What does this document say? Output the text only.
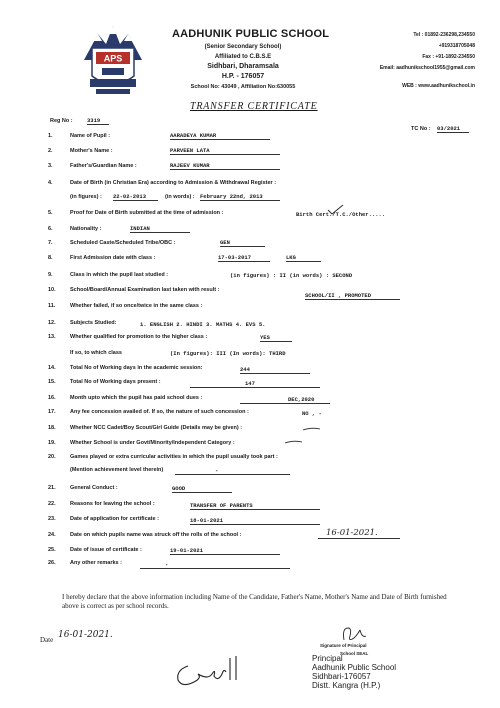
APS
AADHUNIK PUBLIC SCHOOL
(Senior Secondary School)
Affiliated to C.B.S.E
Sidhbari, Dharamsala
H.P. - 176057
School No: 43049 , Affiliation No:630055
Tel : 01892-236298,234550
+919318705048
Fax : +91-1892-234550
Email: aadhunikschool1955@gmail.com
WEB : www.aadhunikschool.in
TRANSFER CERTIFICATE
Reg No :	3319
TC No : 03/2021
1.	Name of Pupil :	AARADEYA KUMAR
2.	Mother's Name :	PARVEEN LATA
3.	Father's/Guardian Name :	RAJEEV KUMAR
4.	Date of Birth (in Christian Era) according to Admission & Withdrawal Register :
(in figures) : 22-02-2013	(in words) : February 22nd, 2013
5.	Proof for Date of Birth submitted at the time of admission :	Birth Cert./T.C./Other.....
6.	Nationality :	INDIAN
7.	Scheduled Caste/Scheduled Tribe/OBC :	GEN
8.	First Admission date with class :	17-03-2017	LKG
9.	Class in which the pupil last studied :	(in figures) : II (in words) : SECOND
10.	School/Board/Annual Examination last taken with result :
SCHOOL/II , PROMOTED
11.	Whether failed, if so once/twice in the same class :
12.	Subjects Studied:	1. ENGLISH 2. HINDI 3. MATHS 4. EVS 5.
13.	Whether qualified for promotion to the higher class :	YES
If so, to which class	(In figures): III (In words): THIRD
14.	Total No of Working days in the academic session:	244
15.	Total No of Working days present :	147
16.	Month upto which the pupil has paid school dues :	DEC,2020
17.	Any fee concession availed of. If so, the nature of such concession :	NO , -
18.	Whether NCC Cadet/Boy Scout/Girl Guide (Details may be given) :
19.	Whether School is under Govt/Minority/Independent Category :
20.	Games played or extra curricular activities in which the pupil usually took part :
(Mention achievement level therein)	-
21.	General Conduct :	GOOD
22.	Reasons for leaving the school :	TRANSFER OF PARENTS
23.	Date of application for certificate :	18-01-2021
24.	Date on which pupils name was struck off the rolls of the school :	16-01-2021.
25.	Date of issue of certificate :	19-01-2021
26.	Any other remarks :	-
I hereby declare that the above information including Name of the Candidate, Father's Name, Mother's Name and Date of Birth furnished above is correct as per school records.
Date 16-01-2021.
Signature of Principal
School SEAL
Principal
Aadhunik Public School
Sidhbari-176057
Distt. Kangra (H.P.)
